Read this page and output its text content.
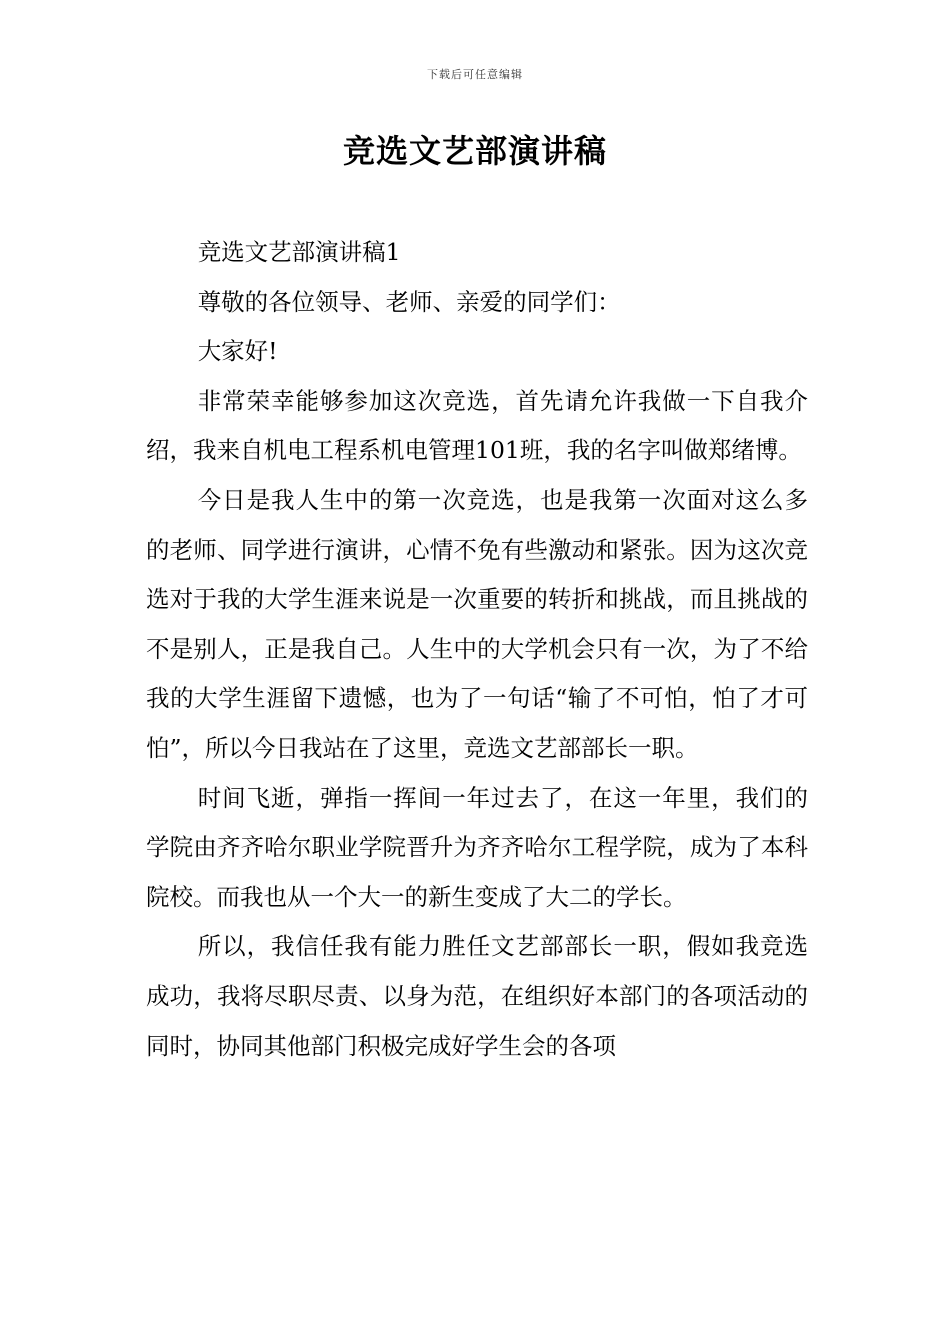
下载后可任意编辑
竞选文艺部演讲稿

竞选文艺部演讲稿1

尊敬的各位领导、老师、亲爱的同学们：

大家好!

非常荣幸能够参加这次竞选，首先请允许我做一下自我介绍，我来自机电工程系机电管理101班，我的名字叫做郑绪博。

今日是我人生中的第一次竞选，也是我第一次面对这么多的老师、同学进行演讲，心情不免有些激动和紧张。因为这次竞选对于我的大学生涯来说是一次重要的转折和挑战，而且挑战的不是别人，正是我自己。人生中的大学机会只有一次，为了不给我的大学生涯留下遗憾，也为了一句话“输了不可怕，怕了才可怕”，所以今日我站在了这里，竞选文艺部部长一职。

时间飞逝，弹指一挥间一年过去了，在这一年里，我们的学院由齐齐哈尔职业学院晋升为齐齐哈尔工程学院，成为了本科院校。而我也从一个大一的新生变成了大二的学长。

所以，我信任我有能力胜任文艺部部长一职，假如我竞选成功，我将尽职尽责、以身为范，在组织好本部门的各项活动的同时，协同其他部门积极完成好学生会的各项
